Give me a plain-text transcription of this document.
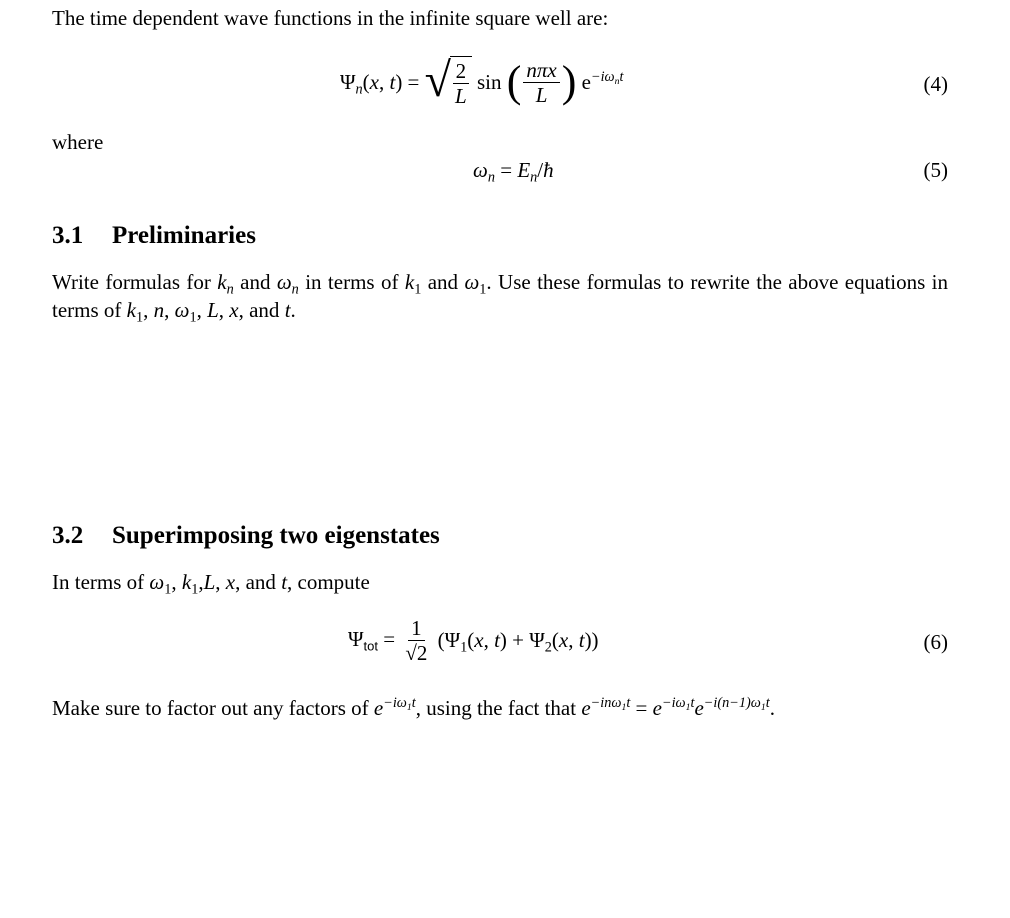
The time dependent wave functions in the infinite square well are:
$\Psi_n(x$, t) = √ $\frac{2}{L}$ sin ( $\frac{\text{nπx}}{L}$ ) $e^{-i\omega_nt}$	(4)
where
$\omega_n = E_n$ / ħ	(5)
3.1 Preliminaries
Write formulas for $k_n$ and $\omega_n$ in terms of $k_1$ and $\omega_1$. Use these formulas to rewrite the above equations in terms of $k_1$, n, $\omega_1$, L, x, and t.
3.2 Superimposing two eigenstates
In terms of $\omega_1$, $k_1,L$, x, and t, compute
$\Psi_{tot} = \frac{1}{√2} (\Psi_1(x$, $t) + \Psi_2(x$, t))	(6)
Make sure to factor out any factors of $e^{-i\omega_1t}$, using the fact that $e^{-in\omega_1t} = e^{-i\omega_1t}e^{-i(n-1)\omega_1t}$.
